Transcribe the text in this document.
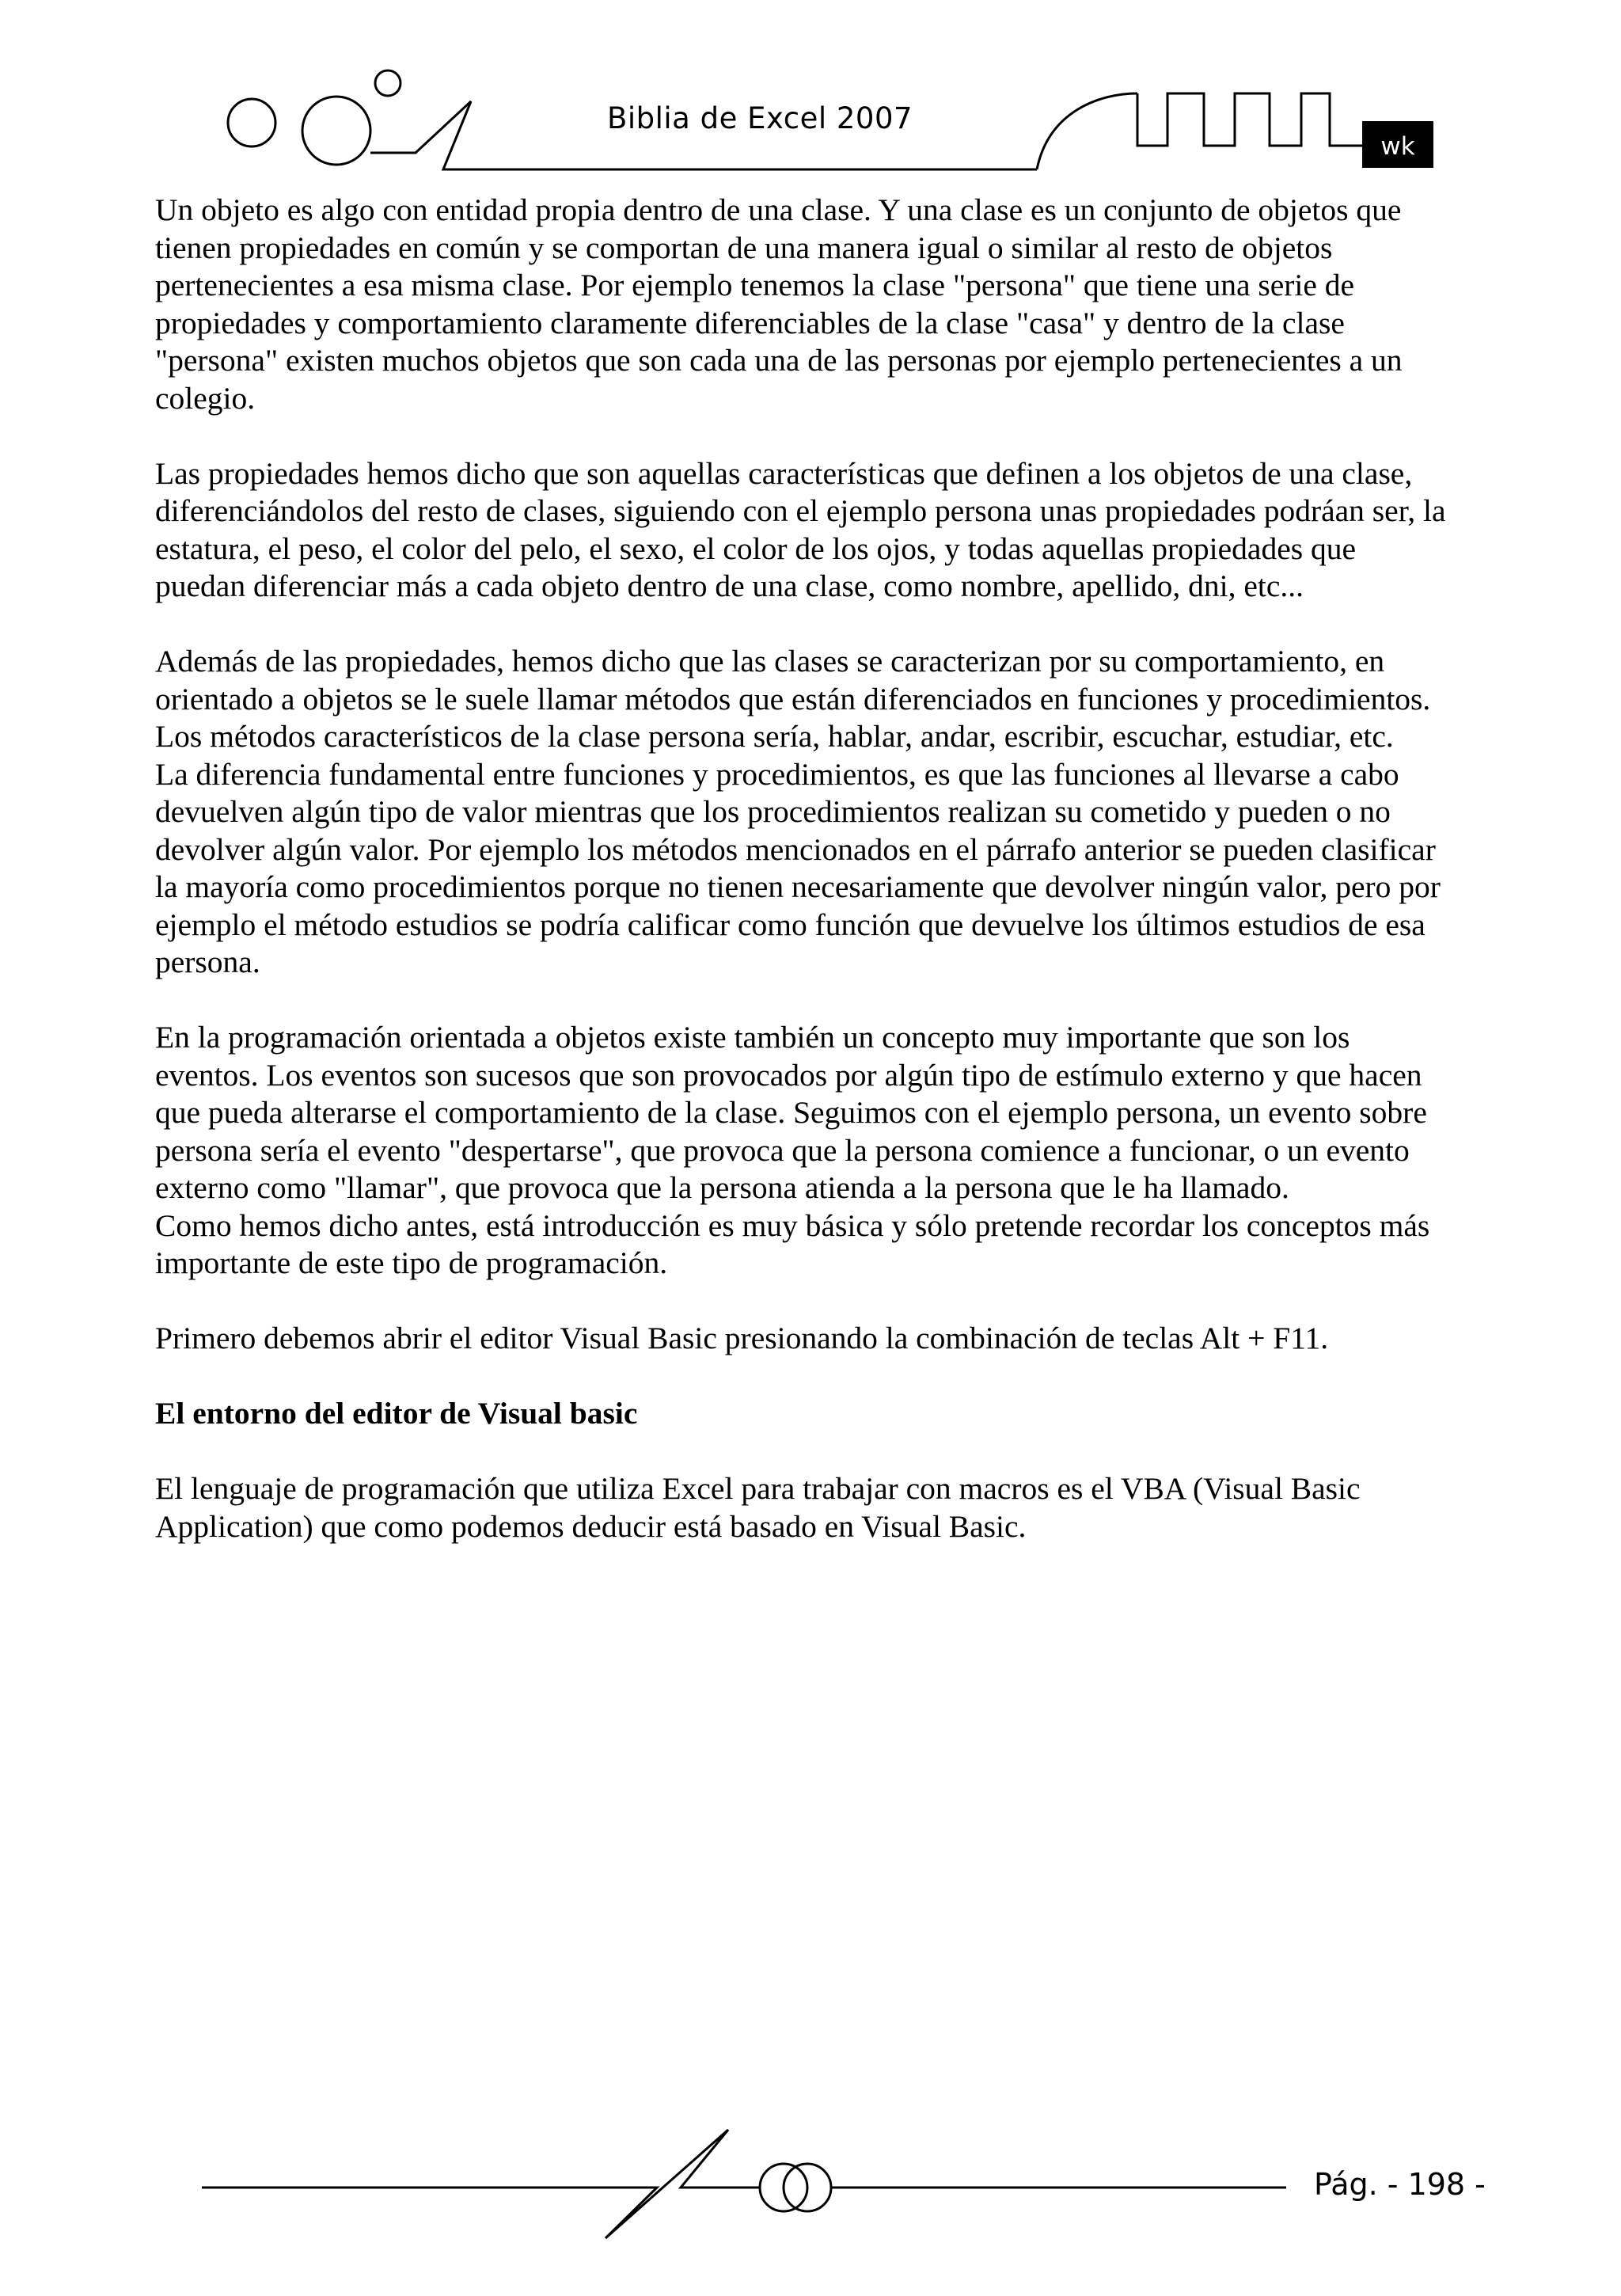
Biblia de Excel 2007
wk

Un objeto es algo con entidad propia dentro de una clase. Y una clase es un conjunto de objetos que

tienen propiedades en común y se comportan de una manera igual o similar al resto de objetos

pertenecientes a esa misma clase. Por ejemplo tenemos la clase "persona" que tiene una serie de

propiedades y comportamiento claramente diferenciables de la clase "casa" y dentro de la clase

"persona" existen muchos objetos que son cada una de las personas por ejemplo pertenecientes a un

colegio.

Las propiedades hemos dicho que son aquellas características que definen a los objetos de una clase,

diferenciándolos del resto de clases, siguiendo con el ejemplo persona unas propiedades podráan ser, la

estatura, el peso, el color del pelo, el sexo, el color de los ojos, y todas aquellas propiedades que

puedan diferenciar más a cada objeto dentro de una clase, como nombre, apellido, dni, etc...

Además de las propiedades, hemos dicho que las clases se caracterizan por su comportamiento, en

orientado a objetos se le suele llamar métodos que están diferenciados en funciones y procedimientos.

Los métodos característicos de la clase persona sería, hablar, andar, escribir, escuchar, estudiar, etc.

La diferencia fundamental entre funciones y procedimientos, es que las funciones al llevarse a cabo

devuelven algún tipo de valor mientras que los procedimientos realizan su cometido y pueden o no

devolver algún valor. Por ejemplo los métodos mencionados en el párrafo anterior se pueden clasificar

la mayoría como procedimientos porque no tienen necesariamente que devolver ningún valor, pero por

ejemplo el método estudios se podría calificar como función que devuelve los últimos estudios de esa

persona.

En la programación orientada a objetos existe también un concepto muy importante que son los

eventos. Los eventos son sucesos que son provocados por algún tipo de estímulo externo y que hacen

que pueda alterarse el comportamiento de la clase. Seguimos con el ejemplo persona, un evento sobre

persona sería el evento "despertarse", que provoca que la persona comience a funcionar, o un evento

externo como "llamar", que provoca que la persona atienda a la persona que le ha llamado.

Como hemos dicho antes, está introducción es muy básica y sólo pretende recordar los conceptos más

importante de este tipo de programación.

Primero debemos abrir el editor Visual Basic presionando la combinación de teclas Alt + F11.

El entorno del editor de Visual basic

El lenguaje de programación que utiliza Excel para trabajar con macros es el VBA (Visual Basic

Application) que como podemos deducir está basado en Visual Basic.

Pág. - 198 -
